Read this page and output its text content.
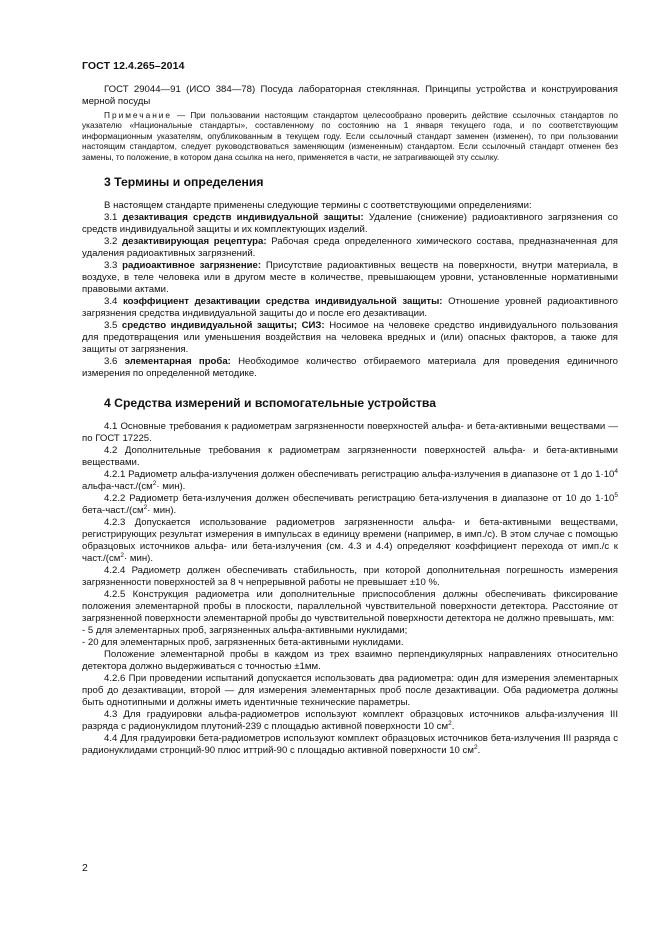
ГОСТ 12.4.265–2014

ГОСТ 29044—91 (ИСО 384—78) Посуда лабораторная стеклянная. Принципы устройства и конструирования мерной посуды

Примечание — При пользовании настоящим стандартом целесообразно проверить действие ссылочных стандартов по указателю «Национальные стандарты», составленному по состоянию на 1 января текущего года, и по соответствующим информационным указателям, опубликованным в текущем году. Если ссылочный стандарт заменен (изменен), то при пользовании настоящим стандартом, следует руководствоваться заменяющим (измененным) стандартом. Если ссылочный стандарт отменен без замены, то положение, в котором дана ссылка на него, применяется в части, не затрагивающей эту ссылку.

3 Термины и определения

В настоящем стандарте применены следующие термины с соответствующими определениями:

3.1 дезактивация средств индивидуальной защиты: Удаление (снижение) радиоактивного загрязнения со средств индивидуальной защиты и их комплектующих изделий.

3.2 дезактивирующая рецептура: Рабочая среда определенного химического состава, предназначенная для удаления радиоактивных загрязнений.

3.3 радиоактивное загрязнение: Присутствие радиоактивных веществ на поверхности, внутри материала, в воздухе, в теле человека или в другом месте в количестве, превышающем уровни, установленные нормативными правовыми актами.

3.4 коэффициент дезактивации средства индивидуальной защиты: Отношение уровней радиоактивного загрязнения средства индивидуальной защиты до и после его дезактивации.

3.5 средство индивидуальной защиты; СИЗ: Носимое на человеке средство индивидуального пользования для предотвращения или уменьшения воздействия на человека вредных и (или) опасных факторов, а также для защиты от загрязнения.

3.6 элементарная проба: Необходимое количество отбираемого материала для проведения единичного измерения по определенной методике.

4 Средства измерений и вспомогательные устройства

4.1 Основные требования к радиометрам загрязненности поверхностей альфа- и бета-активными веществами — по ГОСТ 17225.

4.2 Дополнительные требования к радиометрам загрязненности поверхностей альфа- и бета-активными веществами.

4.2.1 Радиометр альфа-излучения должен обеспечивать регистрацию альфа-излучения в диапазоне от 1 до $1\cdot 10^4$ альфа-$част./(см^2\cdot мин)$.

4.2.2 Радиометр бета-излучения должен обеспечивать регистрацию бета-излучения в диапазоне от 10 до $1\cdot 10^5$ бета-$част./(см^2\cdot мин)$.

4.2.3 Допускается использование радиометров загрязненности альфа- и бета-активными веществами, регистрирующих результат измерения в импульсах в единицу времени (например, в имп./с). В этом случае с помощью образцовых источников альфа- или бета-излучения (см. 4.3 и 4.4) определяют коэффициент перехода от имп./с к $част./(см^2\cdot мин)$.

4.2.4 Радиометр должен обеспечивать стабильность, при которой дополнительная погрешность измерения загрязненности поверхностей за 8 ч непрерывной работы не превышает ±10 %.

4.2.5 Конструкция радиометра или дополнительные приспособления должны обеспечивать фиксирование положения элементарной пробы в плоскости, параллельной чувствительной поверхности детектора. Расстояние от загрязненной поверхности элементарной пробы до чувствительной поверхности детектора не должно превышать, мм:

- 5 для элементарных проб, загрязненных альфа-активными нуклидами;

- 20 для элементарных проб, загрязненных бета-активными нуклидами.

Положение элементарной пробы в каждом из трех взаимно перпендикулярных направлениях относительно детектора должно выдерживаться с точностью ±1мм.

4.2.6 При проведении испытаний допускается использовать два радиометра: один для измерения элементарных проб до дезактивации, второй — для измерения элементарных проб после дезактивации. Оба радиометра должны быть однотипными и должны иметь идентичные технические параметры.

4.3 Для градуировки альфа-радиометров используют комплект образцовых источников альфа-излучения III разряда с радионуклидом плутоний-239 с площадью активной поверхности 10 $см^2$.

4.4 Для градуировки бета-радиометров используют комплект образцовых источников бета-излучения III разряда с радионуклидами стронций-90 плюс иттрий-90 с площадью активной поверхности 10 $см^2$.

2
